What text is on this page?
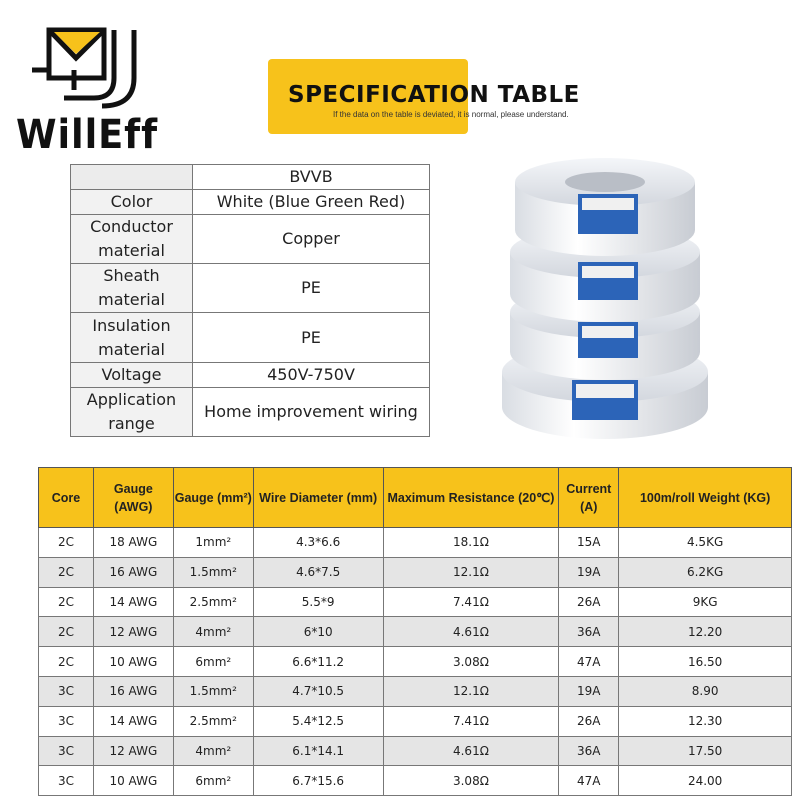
WillEff
SPECIFICATION TABLE
If the data on the table is deviated, it is normal, please understand.
	BVVB
Color	White (Blue Green Red)
Conductor material	Copper
Sheath material	PE
Insulation material	PE
Voltage	450V-750V
Application range	Home improvement wiring
Core	Gauge (AWG)	Gauge (mm²)	Wire Diameter (mm)	Maximum Resistance (20℃)	Current (A)	100m/roll Weight (KG)
2C	18 AWG	1mm²	4.3*6.6	18.1Ω	15A	4.5KG
2C	16 AWG	1.5mm²	4.6*7.5	12.1Ω	19A	6.2KG
2C	14 AWG	2.5mm²	5.5*9	7.41Ω	26A	9KG
2C	12 AWG	4mm²	6*10	4.61Ω	36A	12.20
2C	10 AWG	6mm²	6.6*11.2	3.08Ω	47A	16.50
3C	16 AWG	1.5mm²	4.7*10.5	12.1Ω	19A	8.90
3C	14 AWG	2.5mm²	5.4*12.5	7.41Ω	26A	12.30
3C	12 AWG	4mm²	6.1*14.1	4.61Ω	36A	17.50
3C	10 AWG	6mm²	6.7*15.6	3.08Ω	47A	24.00
